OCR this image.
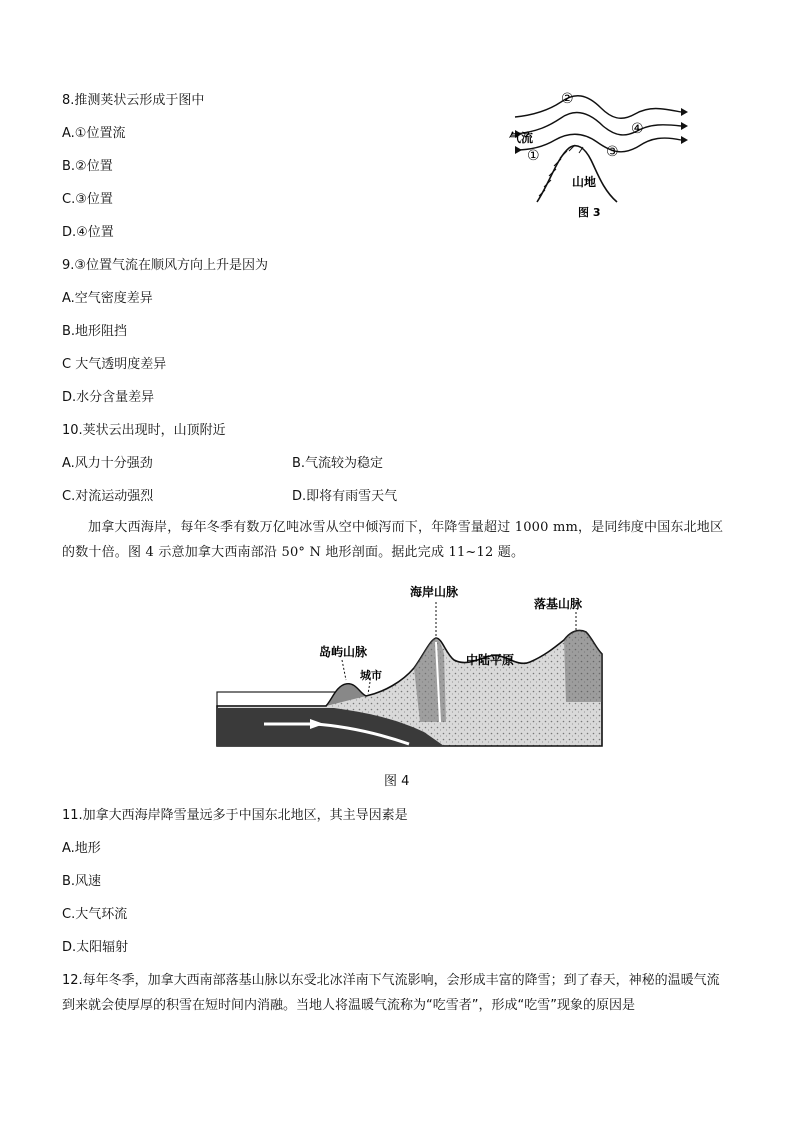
8.推测荚状云形成于图中
A.①位置流
B.②位置
C.③位置
D.④位置
②
④
③
①
气流
山地
图 3
9.③位置气流在顺风方向上升是因为
A.空气密度差异
B.地形阻挡
C 大气透明度差异
D.水分含量差异
10.荚状云出现时，山顶附近
A.风力十分强劲	B.气流较为稳定
C.对流运动强烈	D.即将有雨雪天气
加拿大西海岸，每年冬季有数万亿吨冰雪从空中倾泻而下，年降雪量超过 1000 mm，是同纬度中国东北地区的数十倍。图 4 示意加拿大西南部沿 50° N 地形剖面。据此完成 11~12 题。
海岸山脉
落基山脉
岛屿山脉
城市
中陆平原
图 4
11.加拿大西海岸降雪量远多于中国东北地区，其主导因素是
A.地形
B.风速
C.大气环流
D.太阳辐射
12.每年冬季，加拿大西南部落基山脉以东受北冰洋南下气流影响，会形成丰富的降雪；到了春天，神秘的温暖气流到来就会使厚厚的积雪在短时间内消融。当地人将温暖气流称为“吃雪者”，形成“吃雪”现象的原因是
